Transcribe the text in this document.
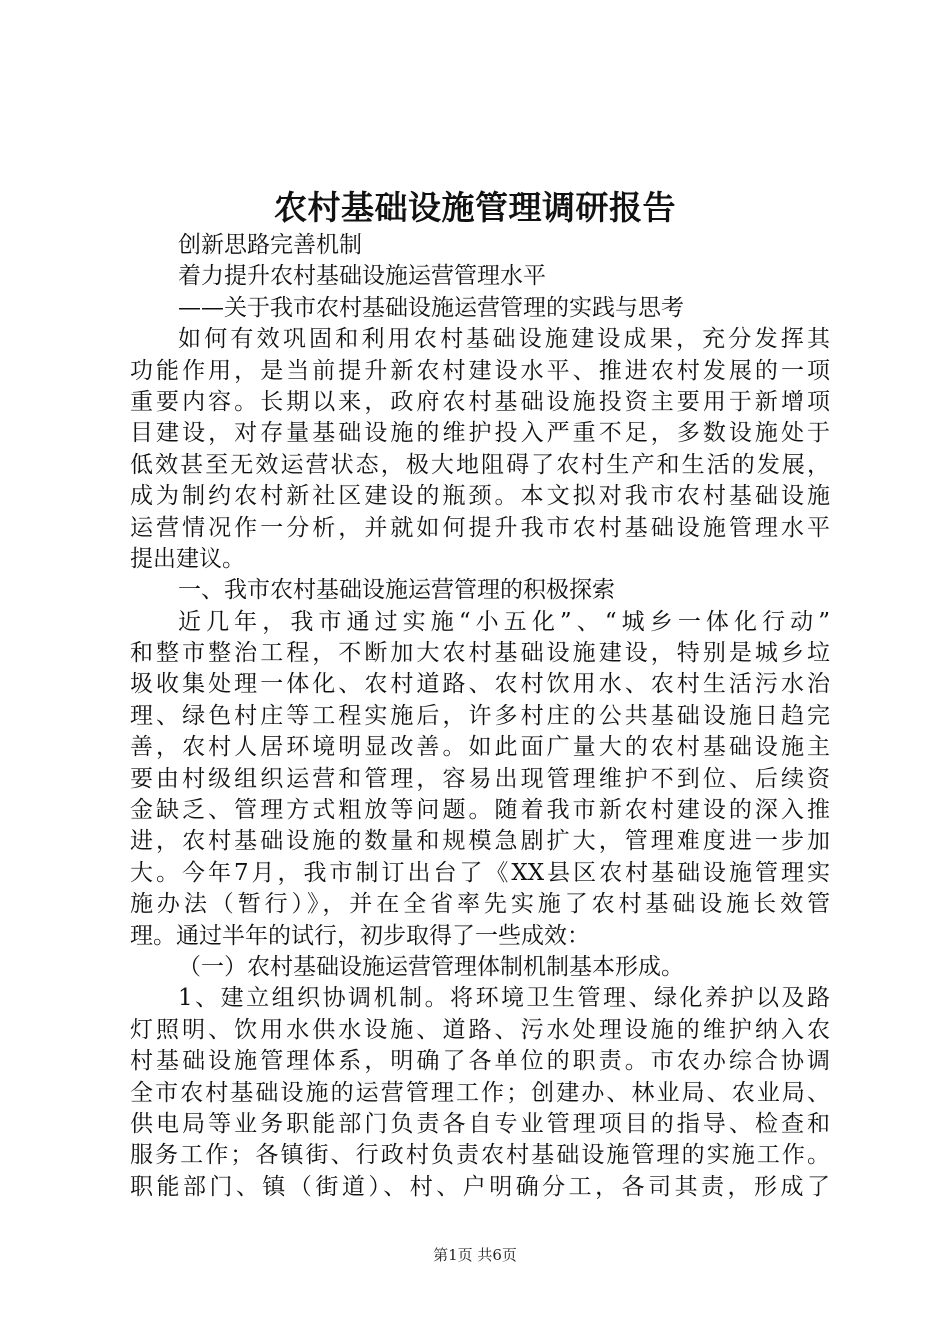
农村基础设施管理调研报告
创新思路完善机制
着力提升农村基础设施运营管理水平
——关于我市农村基础设施运营管理的实践与思考
如何有效巩固和利用农村基础设施建设成果，充分发挥其
功能作用，是当前提升新农村建设水平、推进农村发展的一项
重要内容。长期以来，政府农村基础设施投资主要用于新增项
目建设，对存量基础设施的维护投入严重不足，多数设施处于
低效甚至无效运营状态，极大地阻碍了农村生产和生活的发展，
成为制约农村新社区建设的瓶颈。本文拟对我市农村基础设施
运营情况作一分析，并就如何提升我市农村基础设施管理水平
提出建议。
一、我市农村基础设施运营管理的积极探索
近几年，我市通过实施“小五化”、“城乡一体化行动”
和整市整治工程，不断加大农村基础设施建设，特别是城乡垃
圾收集处理一体化、农村道路、农村饮用水、农村生活污水治
理、绿色村庄等工程实施后，许多村庄的公共基础设施日趋完
善，农村人居环境明显改善。如此面广量大的农村基础设施主
要由村级组织运营和管理，容易出现管理维护不到位、后续资
金缺乏、管理方式粗放等问题。随着我市新农村建设的深入推
进，农村基础设施的数量和规模急剧扩大，管理难度进一步加
大。今年7月，我市制订出台了《XX县区农村基础设施管理实
施办法（暂行）》，并在全省率先实施了农村基础设施长效管
理。通过半年的试行，初步取得了一些成效：
（一）农村基础设施运营管理体制机制基本形成。
1、建立组织协调机制。将环境卫生管理、绿化养护以及路
灯照明、饮用水供水设施、道路、污水处理设施的维护纳入农
村基础设施管理体系，明确了各单位的职责。市农办综合协调
全市农村基础设施的运营管理工作；创建办、林业局、农业局、
供电局等业务职能部门负责各自专业管理项目的指导、检查和
服务工作；各镇街、行政村负责农村基础设施管理的实施工作。
职能部门、镇（街道）、村、户明确分工，各司其责，形成了
第1页 共6页
